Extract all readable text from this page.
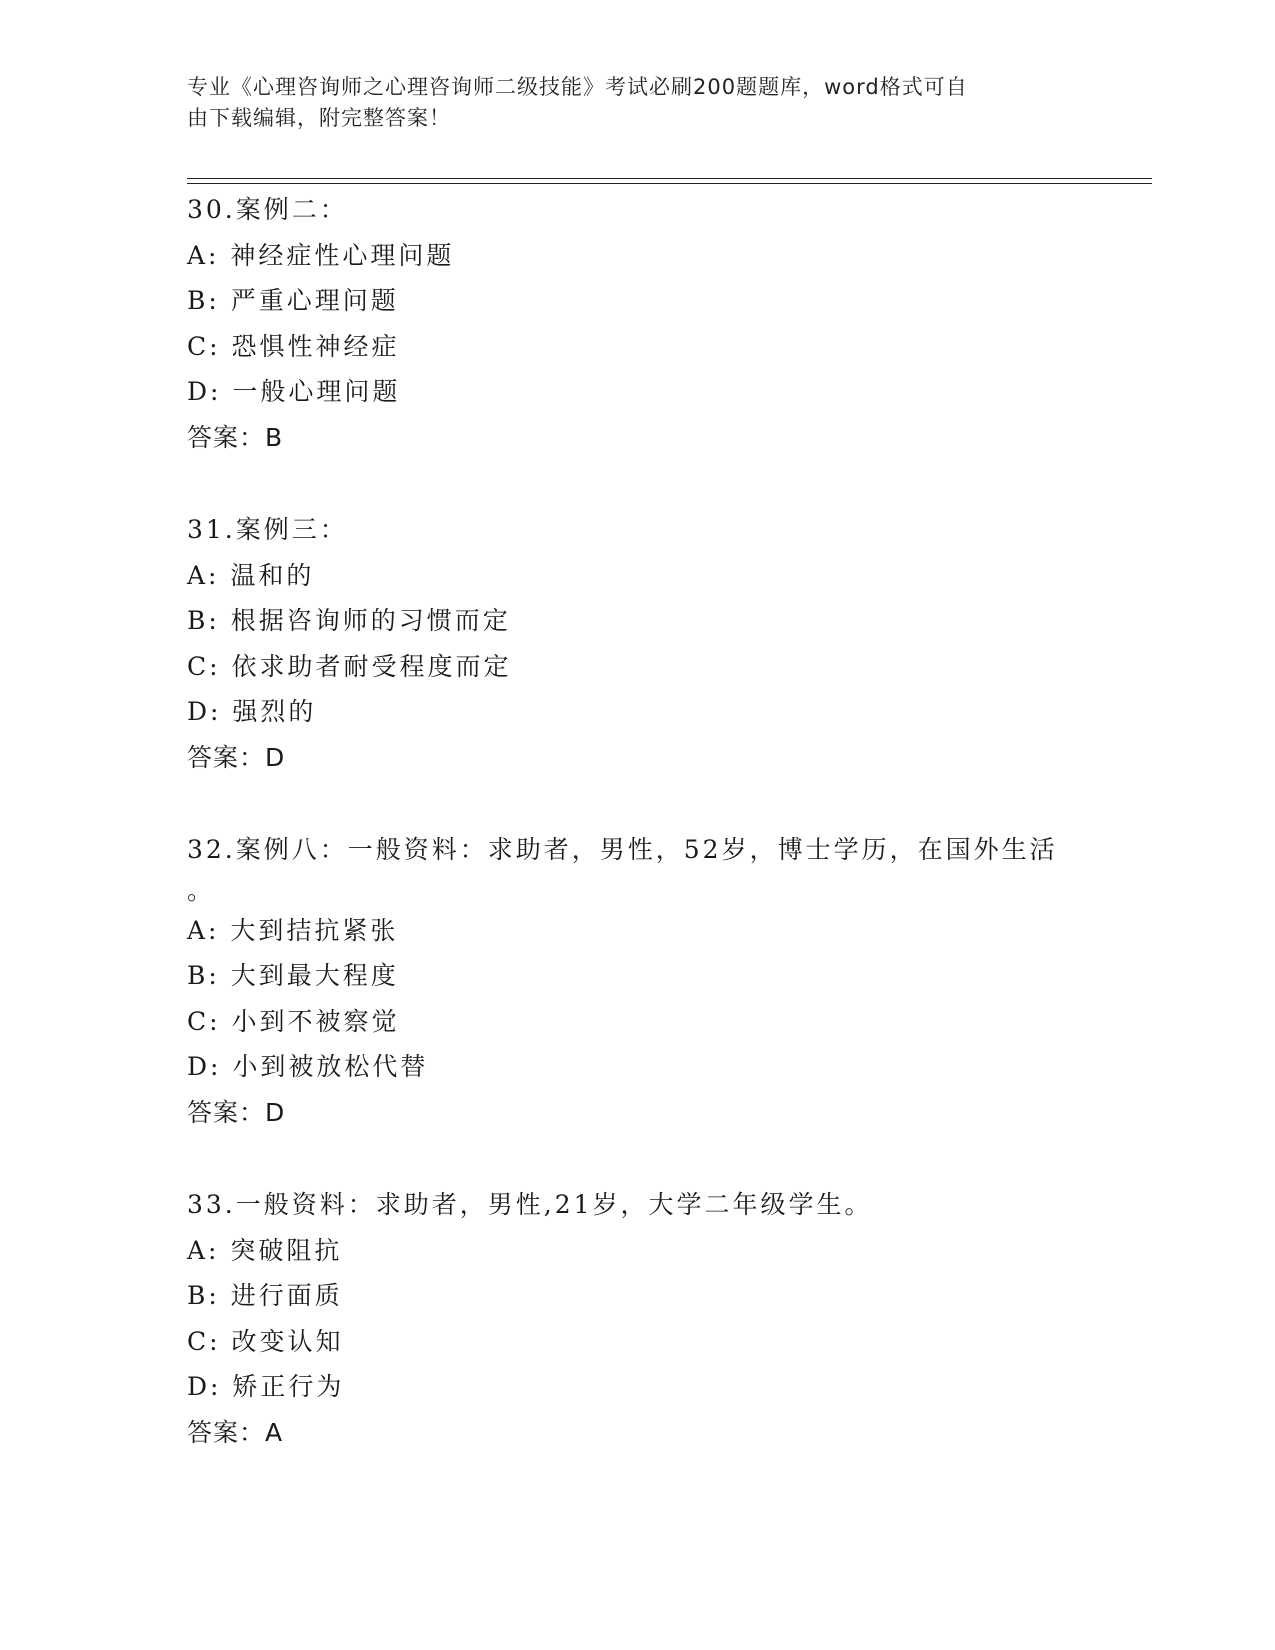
专业《心理咨询师之心理咨询师二级技能》考试必刷200题题库，word格式可自
由下载编辑，附完整答案！
30.案例二：
A: 神经症性心理问题
B: 严重心理问题
C: 恐惧性神经症
D: 一般心理问题
答案：B
31.案例三：
A: 温和的
B: 根据咨询师的习惯而定
C: 依求助者耐受程度而定
D: 强烈的
答案：D
32.案例八：一般资料：求助者，男性，52岁，博士学历，在国外生活
。
A: 大到拮抗紧张
B: 大到最大程度
C: 小到不被察觉
D: 小到被放松代替
答案：D
33.一般资料：求助者，男性,21岁，大学二年级学生。
A: 突破阻抗
B: 进行面质
C: 改变认知
D: 矫正行为
答案：A
